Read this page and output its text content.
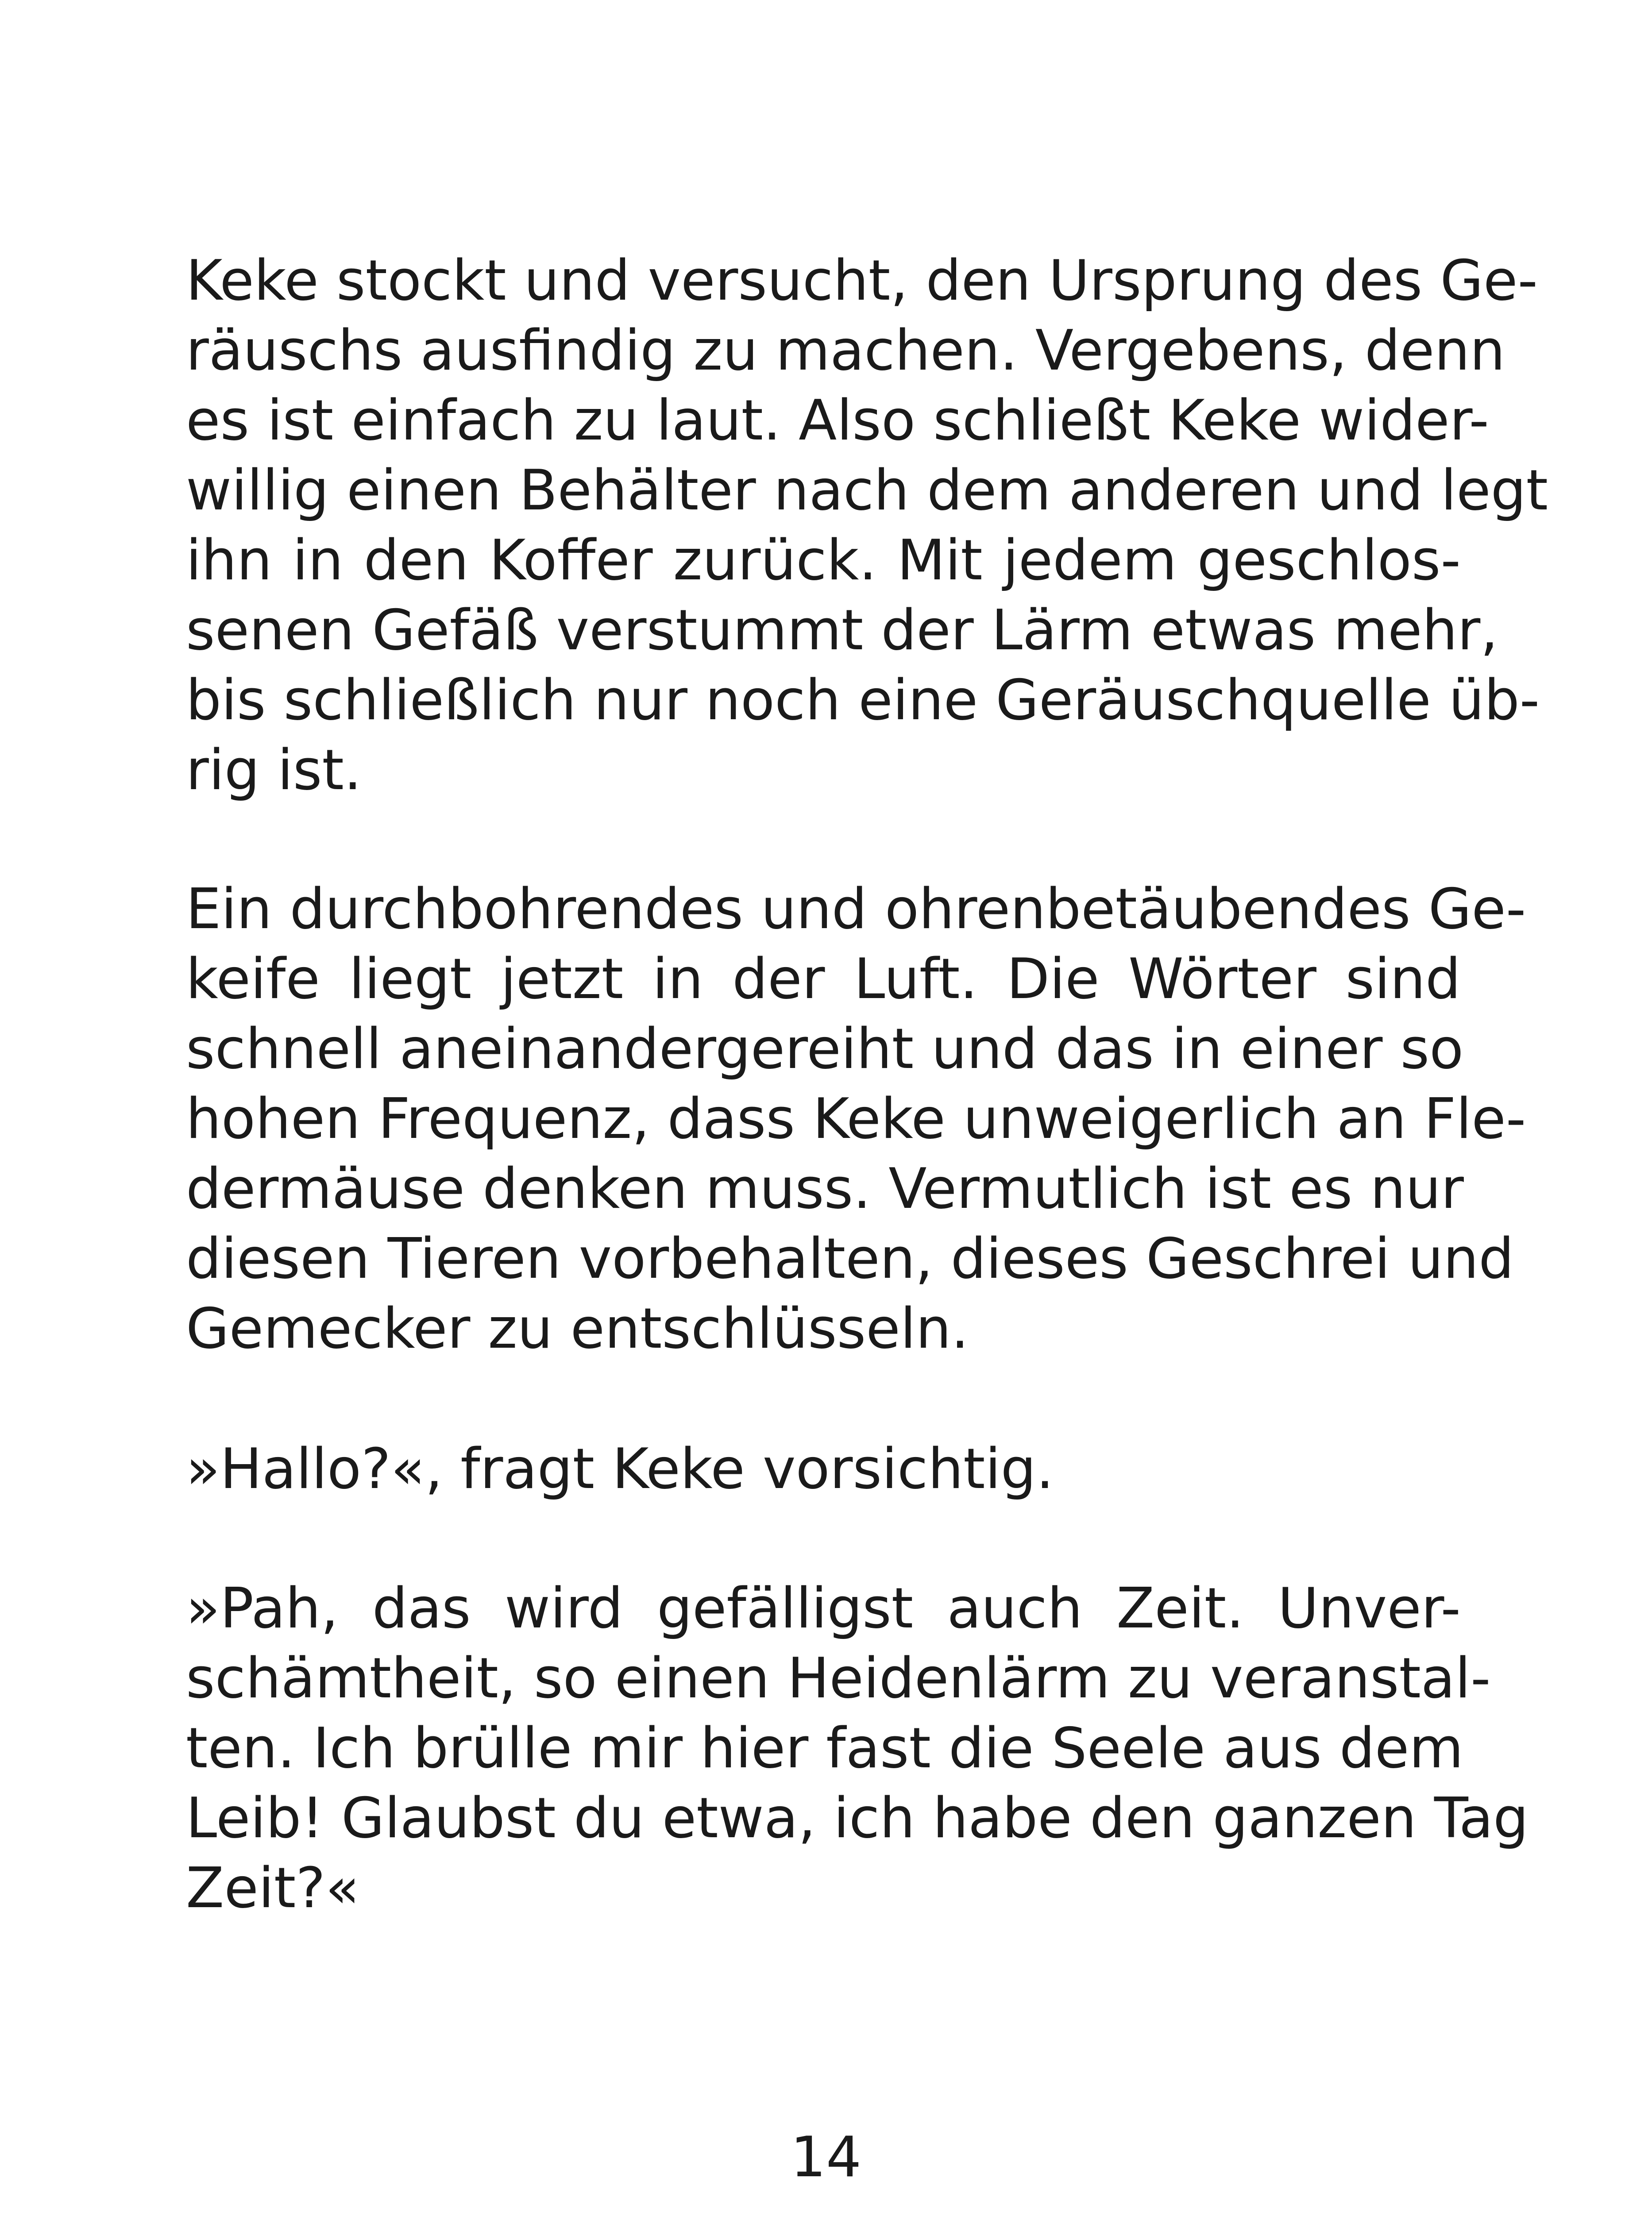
Keke stockt und versucht, den Ursprung des Ge-
räuschs ausfindig zu machen. Vergebens, denn
es ist einfach zu laut. Also schließt Keke wider-
willig einen Behälter nach dem anderen und legt
ihn in den Koffer zurück. Mit jedem geschlos-
senen Gefäß verstummt der Lärm etwas mehr,
bis schließlich nur noch eine Geräuschquelle üb-
rig ist.
Ein durchbohrendes und ohrenbetäubendes Ge-
keife liegt jetzt in der Luft. Die Wörter sind
schnell aneinandergereiht und das in einer so
hohen Frequenz, dass Keke unweigerlich an Fle-
dermäuse denken muss. Vermutlich ist es nur
diesen Tieren vorbehalten, dieses Geschrei und
Gemecker zu entschlüsseln.
»Hallo?«, fragt Keke vorsichtig.
»Pah, das wird gefälligst auch Zeit. Unver-
schämtheit, so einen Heidenlärm zu veranstal-
ten. Ich brülle mir hier fast die Seele aus dem
Leib! Glaubst du etwa, ich habe den ganzen Tag
Zeit?«
14
